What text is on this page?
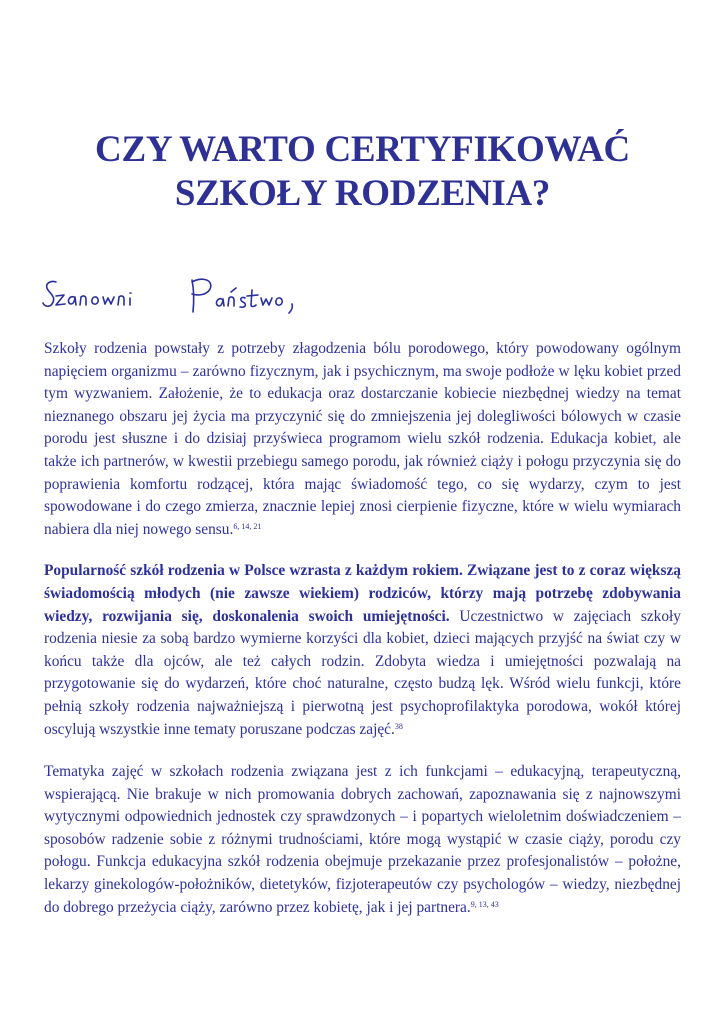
CZY WARTO CERTYFIKOWAĆ
SZKOŁY RODZENIA?

Szkoły rodzenia powstały z potrzeby złagodzenia bólu porodowego, który powodowany ogólnym napięciem organizmu – zarówno fizycznym, jak i psychicznym, ma swoje podłoże w lęku kobiet przed tym wyzwaniem. Założenie, że to edukacja oraz dostarczanie kobiecie niezbędnej wiedzy na temat nieznanego obszaru jej życia ma przyczynić się do zmniejszenia jej dolegliwości bólowych w czasie porodu jest słuszne i do dzisiaj przyświeca programom wielu szkół rodzenia. Edukacja kobiet, ale także ich partnerów, w kwestii przebiegu samego porodu, jak również ciąży i połogu przyczynia się do poprawienia komfortu rodzącej, która mając świadomość tego, co się wydarzy, czym to jest spowodowane i do czego zmierza, znacznie lepiej znosi cierpienie fizyczne, które w wielu wymiarach nabiera dla niej nowego sensu.$^{6, 14, 21}$

Popularność szkół rodzenia w Polsce wzrasta z każdym rokiem. Związane jest to z coraz większą świadomością młodych (nie zawsze wiekiem) rodziców, którzy mają potrzebę zdobywania wiedzy, rozwijania się, doskonalenia swoich umiejętności. Uczestnictwo w zajęciach szkoły rodzenia niesie za sobą bardzo wymierne korzyści dla kobiet, dzieci mających przyjść na świat czy w końcu także dla ojców, ale też całych rodzin. Zdobyta wiedza i umiejętności pozwalają na przygotowanie się do wydarzeń, które choć naturalne, często budzą lęk. Wśród wielu funkcji, które pełnią szkoły rodzenia najważniejszą i pierwotną jest psychoprofilaktyka porodowa, wokół której oscylują wszystkie inne tematy poruszane podczas zajęć.$^{38}$

Tematyka zajęć w szkołach rodzenia związana jest z ich funkcjami – edukacyjną, terapeutyczną, wspierającą. Nie brakuje w nich promowania dobrych zachowań, zapoznawania się z najnowszymi wytycznymi odpowiednich jednostek czy sprawdzonych – i popartych wieloletnim doświadczeniem – sposobów radzenie sobie z różnymi trudnościami, które mogą wystąpić w czasie ciąży, porodu czy połogu. Funkcja edukacyjna szkół rodzenia obejmuje przekazanie przez profesjonalistów – położne, lekarzy ginekologów-położników, dietetyków, fizjoterapeutów czy psychologów – wiedzy, niezbędnej do dobrego przeżycia ciąży, zarówno przez kobietę, jak i jej partnera.$^{9, 13, 43}$
